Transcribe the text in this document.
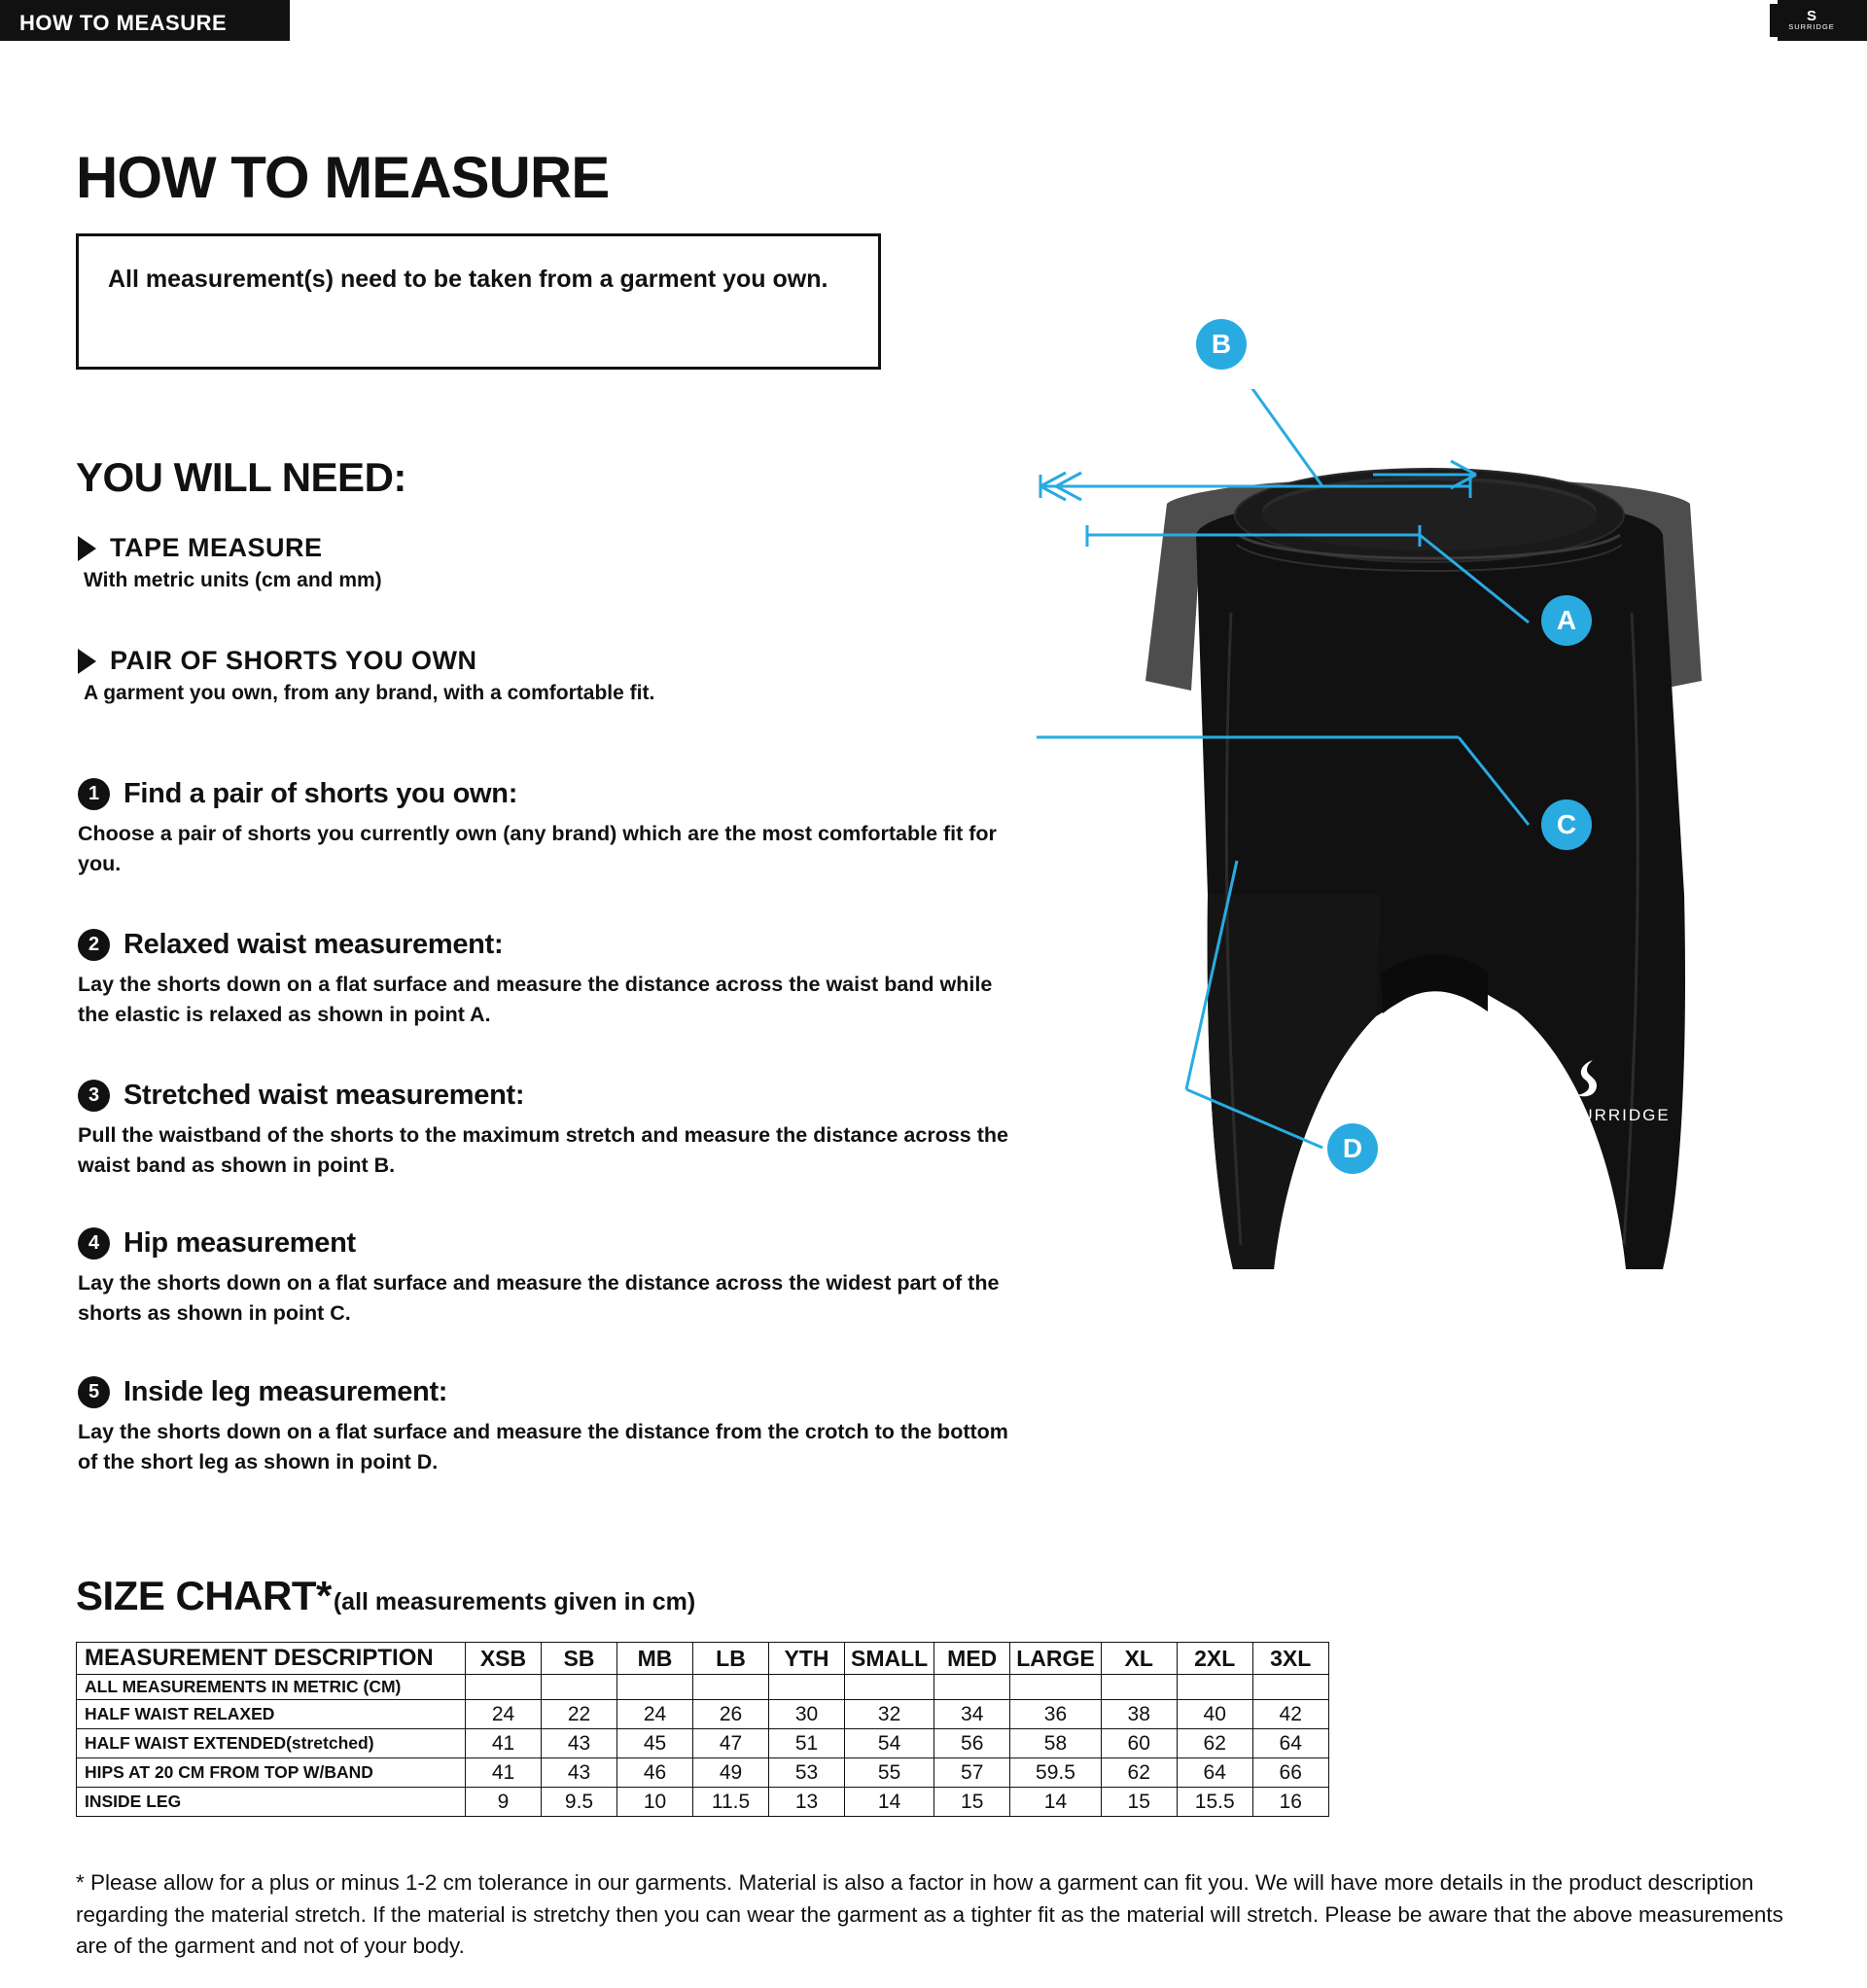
HOW TO MEASURE	S
SURRIDGE
HOW TO MEASURE

All measurement(s) need to be taken from a garment you own.

YOU WILL NEED:
TAPE MEASURE
With metric units (cm and mm)
PAIR OF SHORTS YOU OWN
A garment you own, from any brand, with a comfortable fit.
1 Find a pair of shorts you own:
Choose a pair of shorts you currently own (any brand) which are the most comfortable fit for you.
2 Relaxed waist measurement:
Lay the shorts down on a flat surface and measure the distance across the waist band while the elastic is relaxed as shown in point A.
3 Stretched waist measurement:
Pull the waistband of the shorts to the maximum stretch and measure the distance across the waist band as shown in point B.
4 Hip measurement
Lay the shorts down on a flat surface and measure the distance across the widest part of the shorts as shown in point C.
5 Inside leg measurement:
Lay the shorts down on a flat surface and measure the distance from the crotch to the bottom of the short leg as shown in point D.
SURRIDGE
B
A
C
D
SIZE CHART* (all measurements given in cm)
MEASUREMENT DESCRIPTION	XSB	SB	MB	LB	YTH	SMALL	MED	LARGE	XL	2XL	3XL
ALL MEASUREMENTS IN METRIC (CM)											
HALF WAIST RELAXED	24	22	24	26	30	32	34	36	38	40	42
HALF WAIST EXTENDED(stretched)	41	43	45	47	51	54	56	58	60	62	64
HIPS AT 20 CM FROM TOP W/BAND	41	43	46	49	53	55	57	59.5	62	64	66
INSIDE LEG	9	9.5	10	11.5	13	14	15	14	15	15.5	16
* Please allow for a plus or minus 1-2 cm tolerance in our garments. Material is also a factor in how a garment can fit you. We will have more details in the product description regarding the material stretch. If the material is stretchy then you can wear the garment as a tighter fit as the material will stretch. Please be aware that the above measurements are of the garment and not of your body.
